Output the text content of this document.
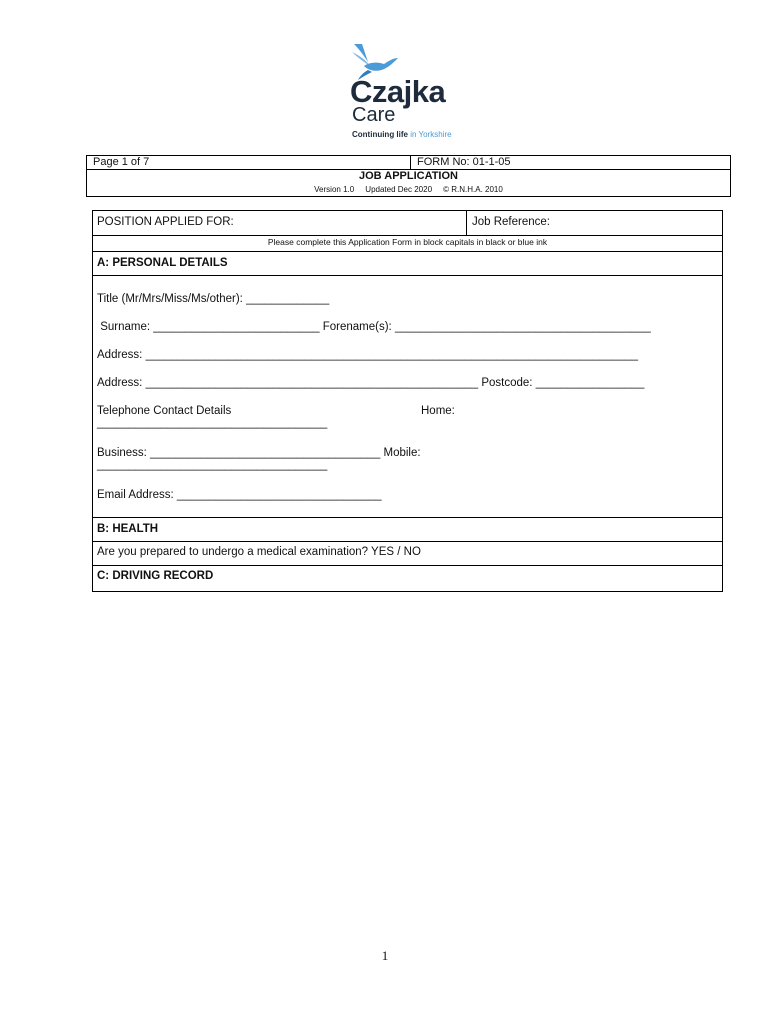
Czajka
Care
Continuing life in Yorkshire
Page 1 of 7	FORM No: 01-1-05
JOB APPLICATION
Version 1.0     Updated Dec 2020     © R.N.H.A. 2010
POSITION APPLIED FOR:	Job Reference:
Please complete this Application Form in block capitals in black or blue ink
A: PERSONAL DETAILS
Title (Mr/Mrs/Miss/Ms/other): _____________
Surname: __________________________ Forename(s): ________________________________________
Address: _____________________________________________________________________________
Address: ____________________________________________________ Postcode: _________________
Telephone Contact Details	Home:
____________________________________
Business: ____________________________________ Mobile:
____________________________________
Email Address: ________________________________
B: HEALTH
Are you prepared to undergo a medical examination? YES / NO
C: DRIVING RECORD
1
